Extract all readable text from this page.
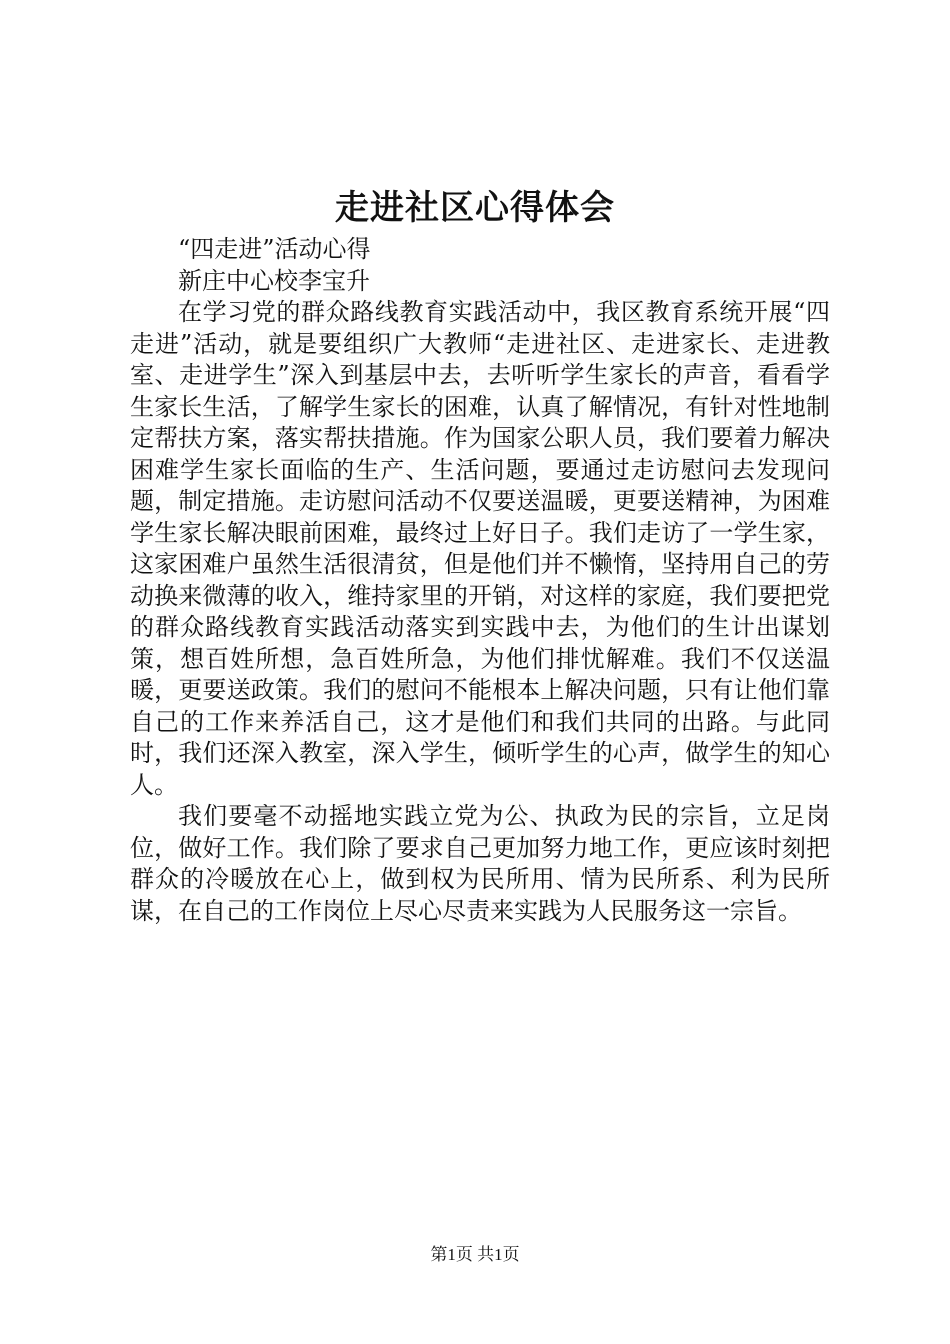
走进社区心得体会

“四走进”活动心得

新庄中心校李宝升

在学习党的群众路线教育实践活动中，我区教育系统开展“四走进”活动，就是要组织广大教师“走进社区、走进家长、走进教室、走进学生”深入到基层中去，去听听学生家长的声音，看看学生家长生活，了解学生家长的困难，认真了解情况，有针对性地制定帮扶方案，落实帮扶措施。作为国家公职人员，我们要着力解决困难学生家长面临的生产、生活问题，要通过走访慰问去发现问题，制定措施。走访慰问活动不仅要送温暖，更要送精神，为困难学生家长解决眼前困难，最终过上好日子。我们走访了一学生家，这家困难户虽然生活很清贫，但是他们并不懒惰，坚持用自己的劳动换来微薄的收入，维持家里的开销，对这样的家庭，我们要把党的群众路线教育实践活动落实到实践中去，为他们的生计出谋划策，想百姓所想，急百姓所急，为他们排忧解难。我们不仅送温暖，更要送政策。我们的慰问不能根本上解决问题，只有让他们靠自己的工作来养活自己，这才是他们和我们共同的出路。与此同时，我们还深入教室，深入学生，倾听学生的心声，做学生的知心人。

我们要毫不动摇地实践立党为公、执政为民的宗旨，立足岗位，做好工作。我们除了要求自己更加努力地工作，更应该时刻把群众的冷暖放在心上，做到权为民所用、情为民所系、利为民所谋，在自己的工作岗位上尽心尽责来实践为人民服务这一宗旨。

第1页 共1页
